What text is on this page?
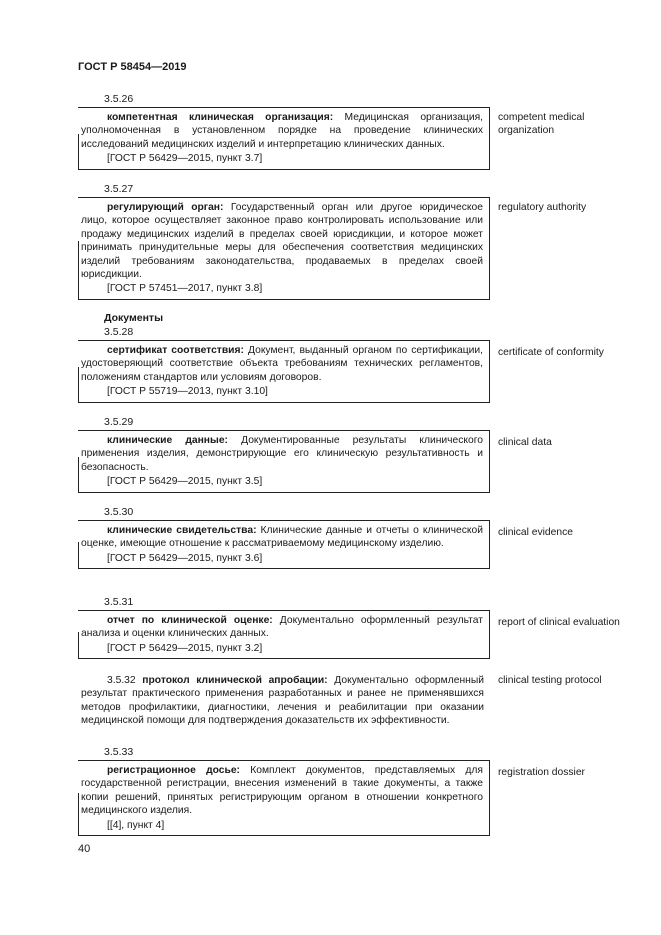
ГОСТ Р 58454—2019
3.5.26

компетентная клиническая организация: Медицинская организация, уполномоченная в установленном порядке на проведение клинических исследований медицинских изделий и интерпретацию клинических данных.

[ГОСТ Р 56429—2015, пункт 3.7]

competent medical organization
3.5.27

регулирующий орган: Государственный орган или другое юридическое лицо, которое осуществляет законное право контролировать использование или продажу медицинских изделий в пределах своей юрисдикции, и которое может принимать принудительные меры для обеспечения соответствия медицинских изделий требованиям законодательства, продаваемых в пределах своей юрисдикции.

[ГОСТ Р 57451—2017, пункт 3.8]

regulatory authority
Документы
3.5.28

сертификат соответствия: Документ, выданный органом по сертификации, удостоверяющий соответствие объекта требованиям технических регламентов, положениям стандартов или условиям договоров.

[ГОСТ Р 55719—2013, пункт 3.10]

certificate of conformity
3.5.29

клинические данные: Документированные результаты клинического применения изделия, демонстрирующие его клиническую результативность и безопасность.

[ГОСТ Р 56429—2015, пункт 3.5]

clinical data
3.5.30

клинические свидетельства: Клинические данные и отчеты о клинической оценке, имеющие отношение к рассматриваемому медицинскому изделию.

[ГОСТ Р 56429—2015, пункт 3.6]

clinical evidence
3.5.31

отчет по клинической оценке: Документально оформленный результат анализа и оценки клинических данных.

[ГОСТ Р 56429—2015, пункт 3.2]

report of clinical evaluation

3.5.32 протокол клинической апробации: Документально оформленный результат практического применения разработанных и ранее не применявшихся методов профилактики, диагностики, лечения и реабилитации при оказании медицинской помощи для подтверждения доказательств их эффективности.

clinical testing protocol
3.5.33

регистрационное досье: Комплект документов, представляемых для государственной регистрации, внесения изменений в такие документы, а также копии решений, принятых регистрирующим органом в отношении конкретного медицинского изделия.

[[4], пункт 4]

registration dossier
40
